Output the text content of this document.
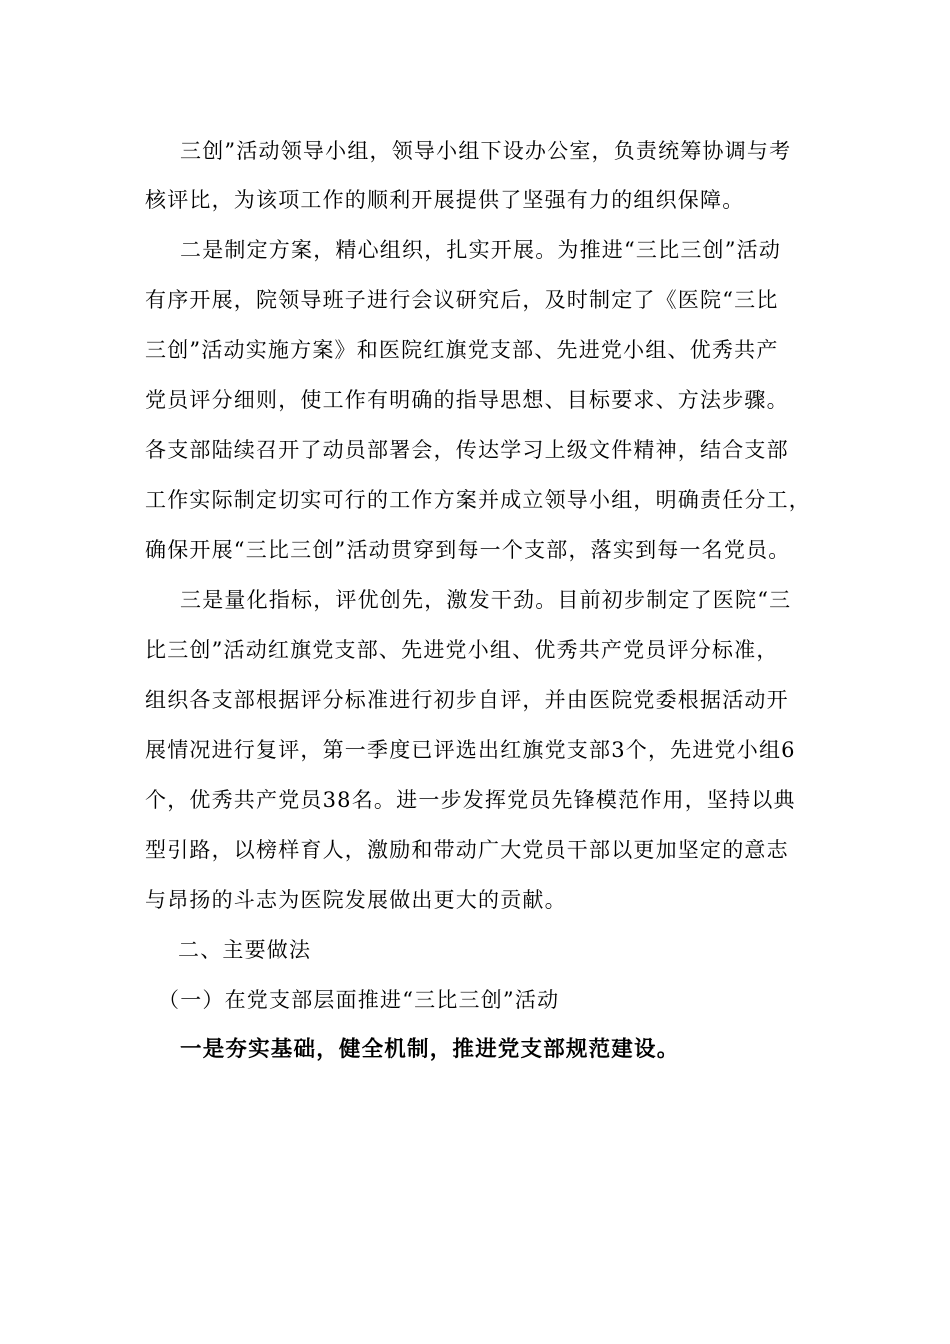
三创”活动领导小组，领导小组下设办公室，负责统筹协调与考
核评比，为该项工作的顺利开展提供了坚强有力的组织保障。
二是制定方案，精心组织，扎实开展。为推进“三比三创”活动
有序开展，院领导班子进行会议研究后，及时制定了《医院“三比
三创”活动实施方案》和医院红旗党支部、先进党小组、优秀共产
党员评分细则，使工作有明确的指导思想、目标要求、方法步骤。
各支部陆续召开了动员部署会，传达学习上级文件精神，结合支部
工作实际制定切实可行的工作方案并成立领导小组，明确责任分工，
确保开展“三比三创”活动贯穿到每一个支部，落实到每一名党员。
三是量化指标，评优创先，激发干劲。目前初步制定了医院“三
比三创”活动红旗党支部、先进党小组、优秀共产党员评分标准，
组织各支部根据评分标准进行初步自评，并由医院党委根据活动开
展情况进行复评，第一季度已评选出红旗党支部3个，先进党小组6
个，优秀共产党员38名。进一步发挥党员先锋模范作用，坚持以典
型引路，以榜样育人，激励和带动广大党员干部以更加坚定的意志
与昂扬的斗志为医院发展做出更大的贡献。
二、主要做法
（一）在党支部层面推进“三比三创”活动
一是夯实基础，健全机制，推进党支部规范建设。
